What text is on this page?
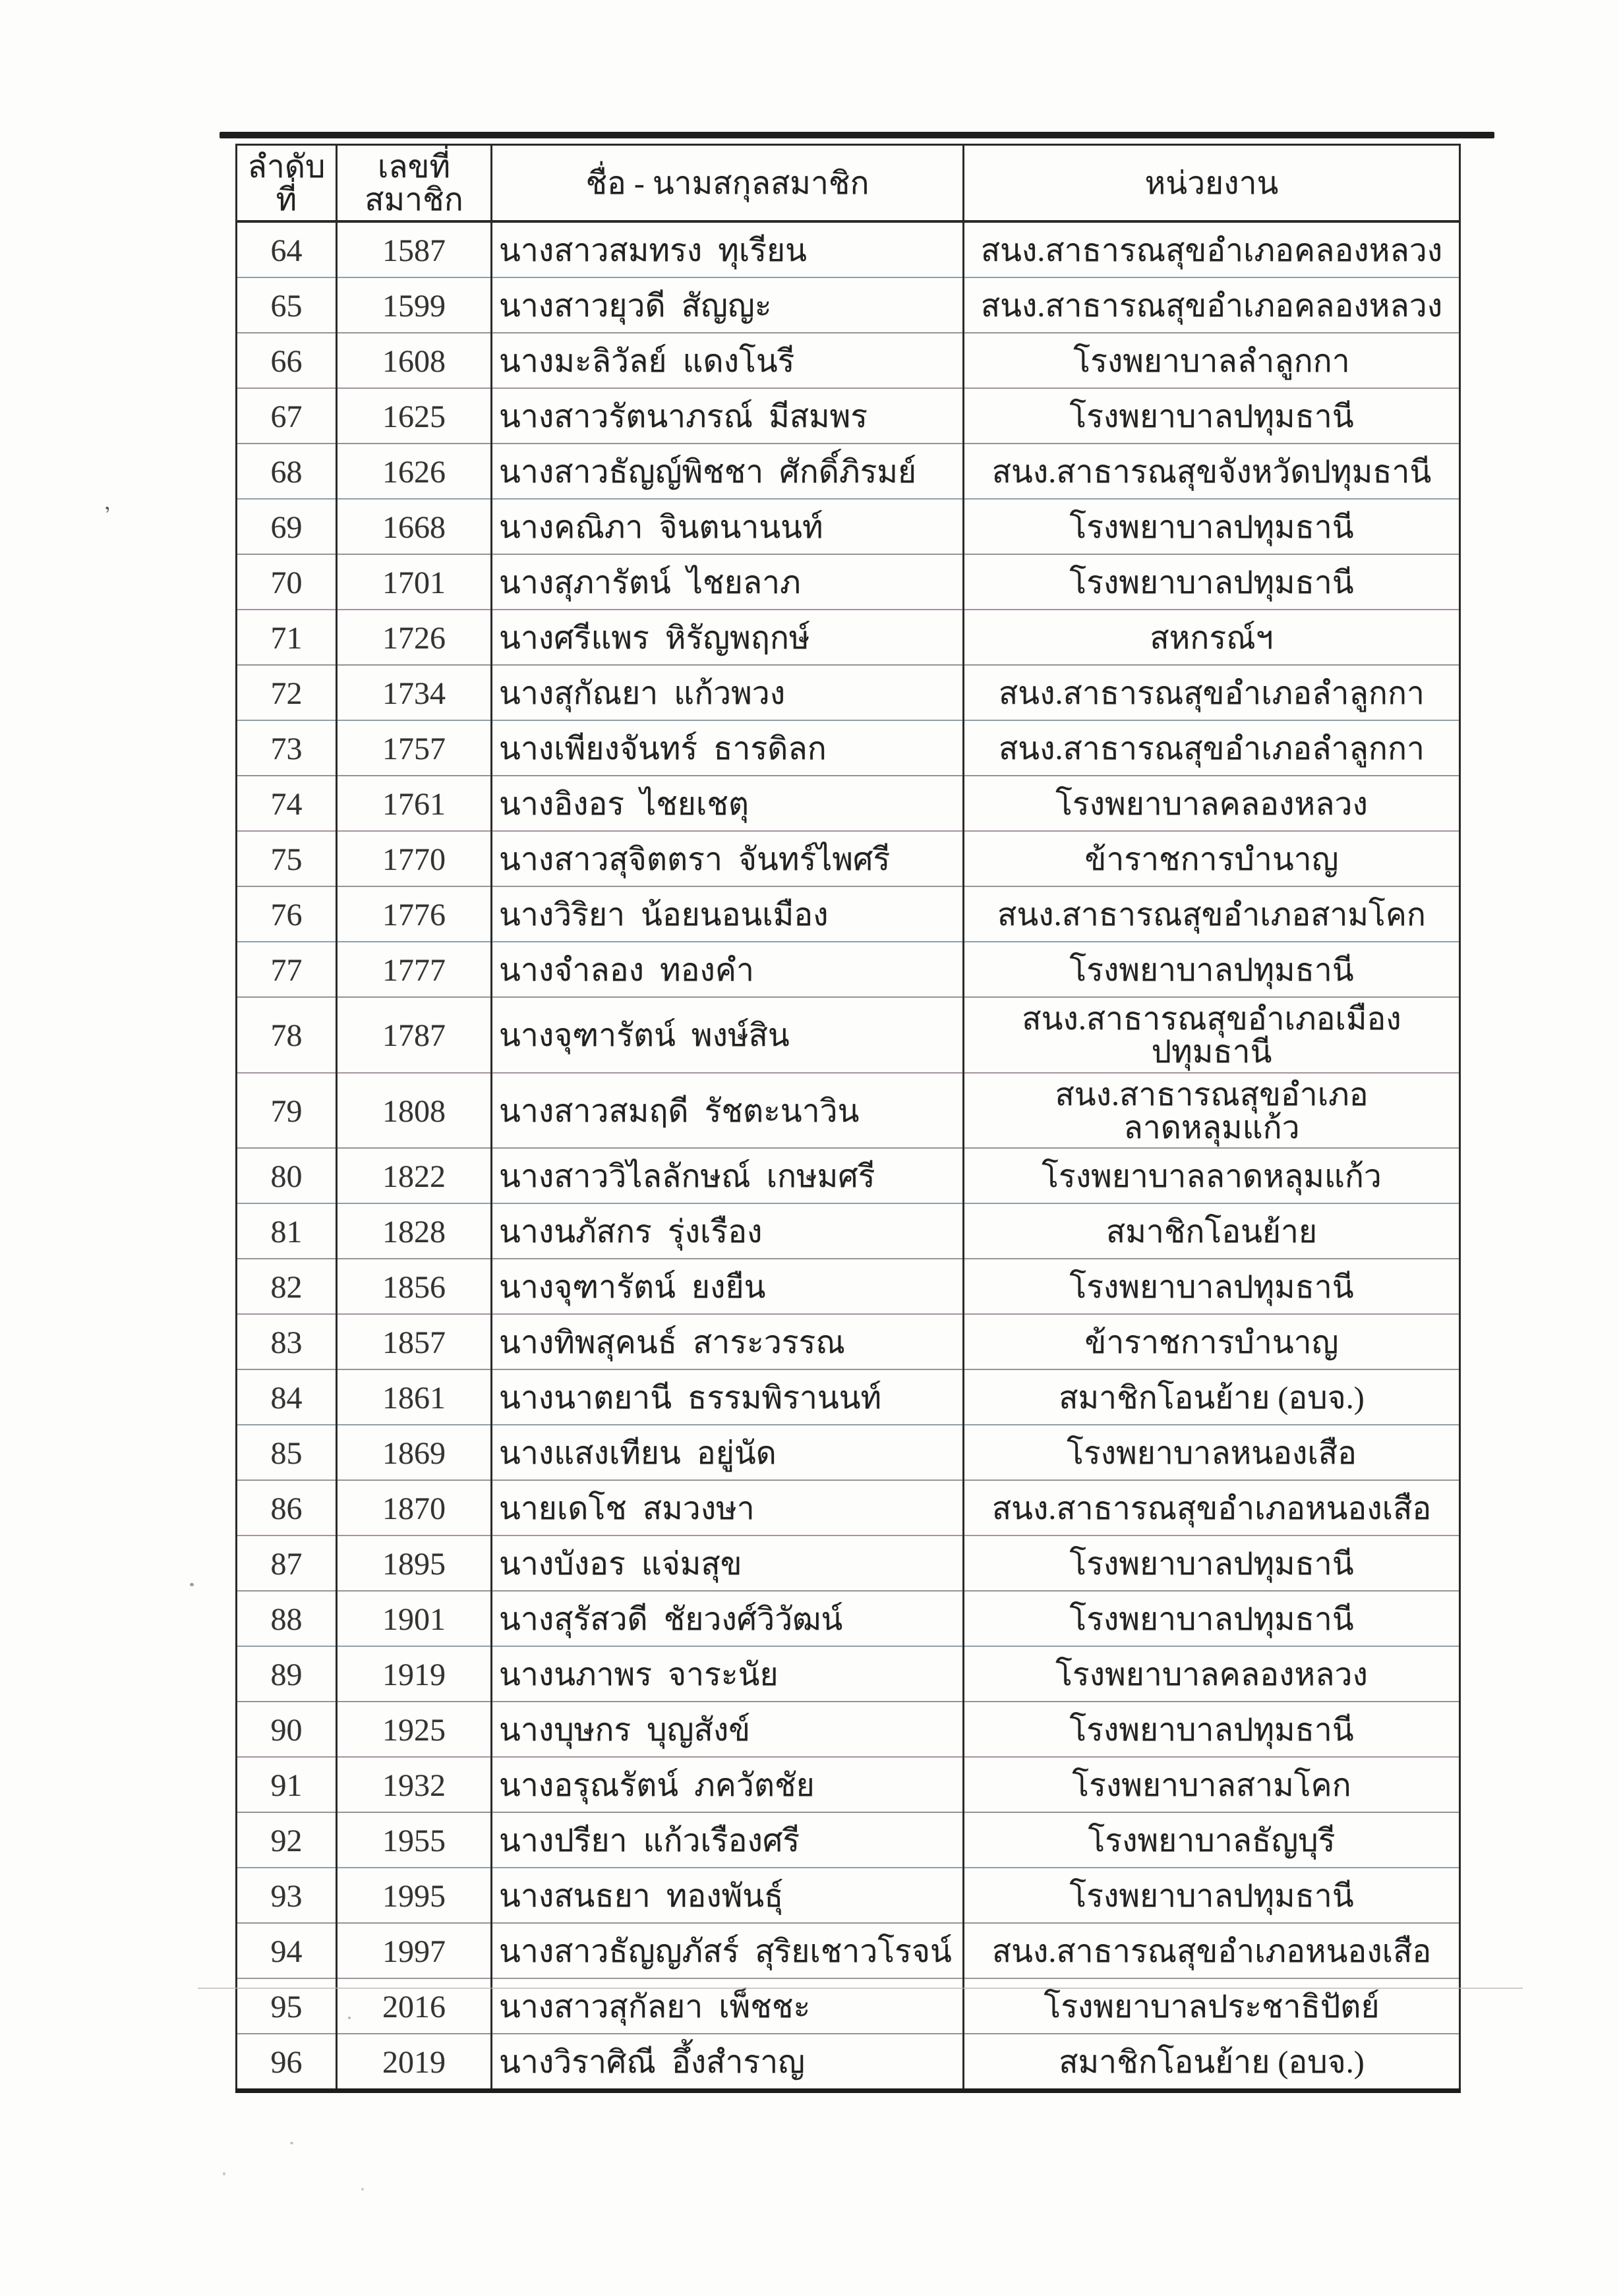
ลำดับที่	เลขที่สมาชิก	ชื่อ - นามสกุลสมาชิก	หน่วยงาน
64	1587	นางสาวสมทรง  ทุเรียน	สนง.สาธารณสุขอำเภอคลองหลวง
65	1599	นางสาวยุวดี  สัญญะ	สนง.สาธารณสุขอำเภอคลองหลวง
66	1608	นางมะลิวัลย์  แดงโนรี	โรงพยาบาลลำลูกกา
67	1625	นางสาวรัตนาภรณ์  มีสมพร	โรงพยาบาลปทุมธานี
68	1626	นางสาวธัญญ์พิชชา  ศักดิ์ภิรมย์	สนง.สาธารณสุขจังหวัดปทุมธานี
69	1668	นางคณิภา  จินตนานนท์	โรงพยาบาลปทุมธานี
70	1701	นางสุภารัตน์  ไชยลาภ	โรงพยาบาลปทุมธานี
71	1726	นางศรีแพร  หิรัญพฤกษ์	สหกรณ์ฯ
72	1734	นางสุกัณยา  แก้วพวง	สนง.สาธารณสุขอำเภอลำลูกกา
73	1757	นางเพียงจันทร์  ธารดิลก	สนง.สาธารณสุขอำเภอลำลูกกา
74	1761	นางอิงอร  ไชยเชตุ	โรงพยาบาลคลองหลวง
75	1770	นางสาวสุจิตตรา  จันทร์ไพศรี	ข้าราชการบำนาญ
76	1776	นางวิริยา  น้อยนอนเมือง	สนง.สาธารณสุขอำเภอสามโคก
77	1777	นางจำลอง  ทองคำ	โรงพยาบาลปทุมธานี
78	1787	นางจุฑารัตน์  พงษ์สิน	สนง.สาธารณสุขอำเภอเมืองปทุมธานี
79	1808	นางสาวสมฤดี  รัชตะนาวิน	สนง.สาธารณสุขอำเภอลาดหลุมแก้ว
80	1822	นางสาววิไลลักษณ์  เกษมศรี	โรงพยาบาลลาดหลุมแก้ว
81	1828	นางนภัสกร  รุ่งเรือง	สมาชิกโอนย้าย
82	1856	นางจุฑารัตน์  ยงยืน	โรงพยาบาลปทุมธานี
83	1857	นางทิพสุคนธ์  สาระวรรณ	ข้าราชการบำนาญ
84	1861	นางนาตยานี  ธรรมพิรานนท์	สมาชิกโอนย้าย (อบจ.)
85	1869	นางแสงเทียน  อยู่นัด	โรงพยาบาลหนองเสือ
86	1870	นายเดโช  สมวงษา	สนง.สาธารณสุขอำเภอหนองเสือ
87	1895	นางบังอร  แจ่มสุข	โรงพยาบาลปทุมธานี
88	1901	นางสุรัสวดี  ชัยวงศ์วิวัฒน์	โรงพยาบาลปทุมธานี
89	1919	นางนภาพร  จาระนัย	โรงพยาบาลคลองหลวง
90	1925	นางบุษกร  บุญสังข์	โรงพยาบาลปทุมธานี
91	1932	นางอรุณรัตน์  ภควัตชัย	โรงพยาบาลสามโคก
92	1955	นางปรียา  แก้วเรืองศรี	โรงพยาบาลธัญบุรี
93	1995	นางสนธยา  ทองพันธุ์	โรงพยาบาลปทุมธานี
94	1997	นางสาวธัญญภัสร์  สุริยเชาวโรจน์	สนง.สาธารณสุขอำเภอหนองเสือ
95	2016	นางสาวสุกัลยา  เพ็ชชะ	โรงพยาบาลประชาธิปัตย์
96	2019	นางวิราศิณี  อึ้งสำราญ	สมาชิกโอนย้าย (อบจ.)
’
